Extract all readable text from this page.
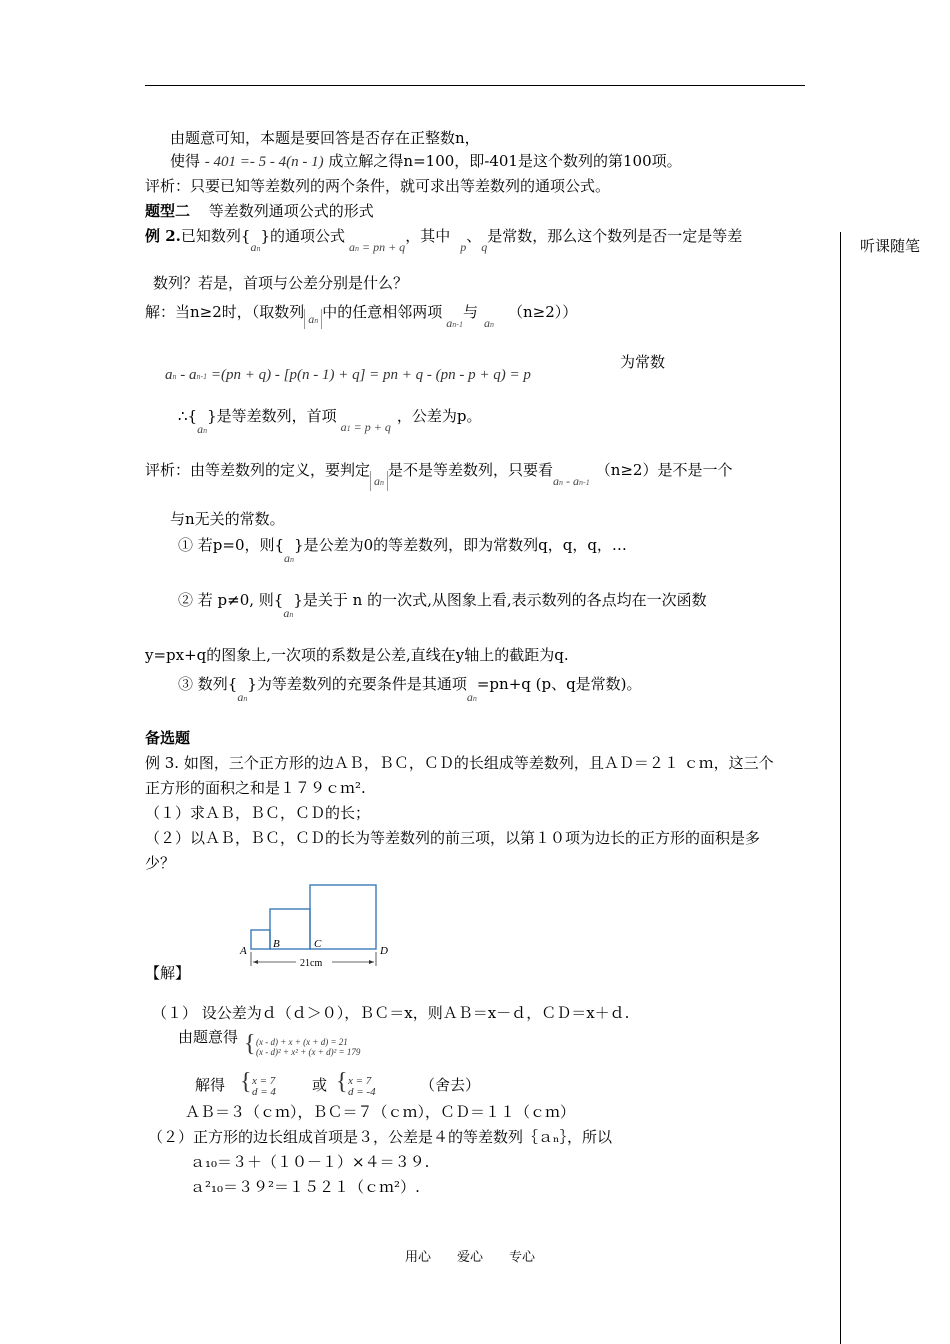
听课随笔
由题意可知，本题是要回答是否存在正整数n，
使得 - 401 =- 5 - 4(n - 1) 成立解之得n=100，即-401是这个数列的第100项。
评析：只要已知等差数列的两个条件，就可求出等差数列的通项公式。
题型二 等差数列通项公式的形式
例 2.已知数列{an}的通项公式an = pn + q，其中p、q是常数，那么这个数列是否一定是等差
数列？若是，首项与公差分别是什么？
解：当n≥2时，（取数列 an 中的任意相邻两项an-1与an（n≥2））
an - an-1 =(pn + q) - [p(n - 1) + q] = pn + q - (pn - p + q) = p
为常数
∴{an}是等差数列，首项a1 = p + q，公差为p。
评析：由等差数列的定义，要判定an是不是等差数列，只要看an - an-1（n≥2）是不是一个
与n无关的常数。
① 若p=0，则{an}是公差为0的等差数列，即为常数列q，q，q，…
② 若 p≠0, 则{an}是关于 n 的一次式,从图象上看,表示数列的各点均在一次函数
y=px+q的图象上,一次项的系数是公差,直线在y轴上的截距为q.
③ 数列{an}为等差数列的充要条件是其通项an=pn+q (p、q是常数)。
备选题
例 3. 如图，三个正方形的边ＡＢ，ＢＣ，ＣＤ的长组成等差数列，且ＡＤ＝２１ ｃｍ，这三个
正方形的面积之和是１７９ｃｍ².
（１）求ＡＢ，ＢＣ，ＣＤ的长；
（２）以ＡＢ，ＢＣ，ＣＤ的长为等差数列的前三项，以第１０项为边长的正方形的面积是多
少？
A
B	C
D
21cm
【解】
（１） 设公差为ｄ（ｄ＞０），ＢＣ＝x，则ＡＢ＝x－ｄ，ＣＤ＝x＋ｄ.
由题意得 { (x - d) + x + (x + d) = 21
(x - d)² + x² + (x + d)² = 179
解得 { x = 7
d = 4 或 { x = 7
d = -4	（舍去）
ＡＢ＝３（ｃｍ），ＢＣ＝７（ｃｍ），ＣＤ＝１１（ｃｍ）
（２）正方形的边长组成首项是３，公差是４的等差数列｛ａₙ｝，所以
ａ₁₀＝３＋（１０－１）×４＝３９.
ａ²₁₀＝３９²＝１５２１（ｃｍ²）.
用心　　爱心　　专心
